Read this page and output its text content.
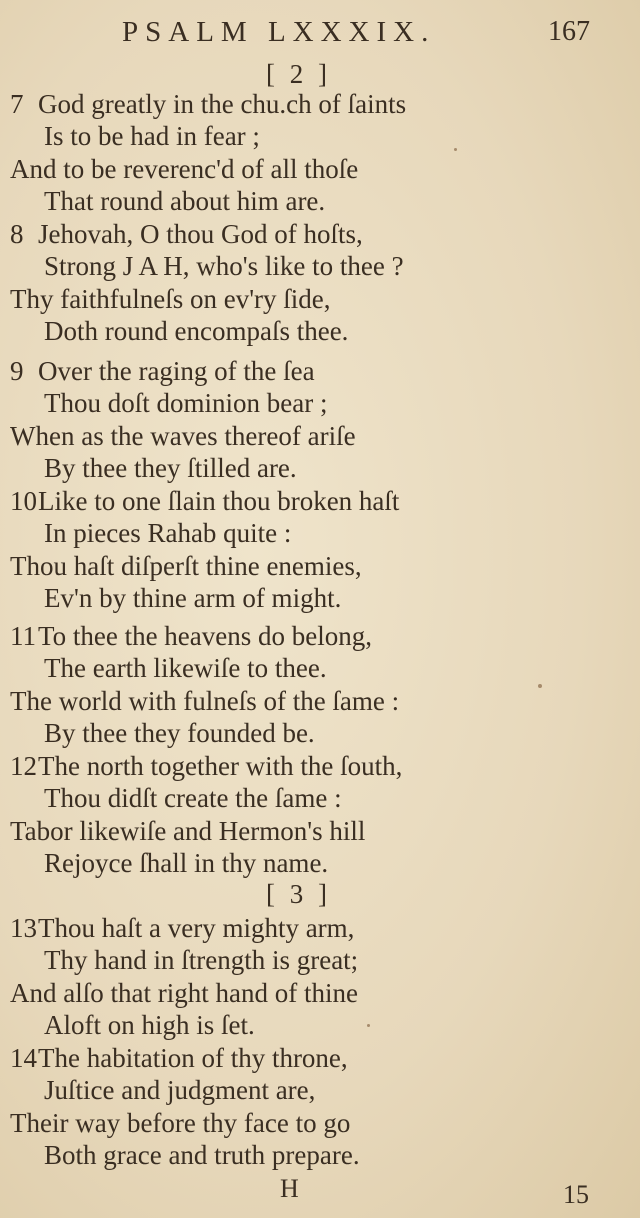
PSALM LXXXIX.	167
[ 2 ]
7 God greatly in the chu.ch of ſaints
Is to be had in fear ;
And to be reverenc'd of all thoſe
That round about him are.
8 Jehovah, O thou God of hoſts,
Strong J A H, who's like to thee ?
Thy faithfulneſs on ev'ry ſide,
Doth round encompaſs thee.
9 Over the raging of the ſea
Thou doſt dominion bear ;
When as the waves thereof ariſe
By thee they ſtilled are.
10Like to one ſlain thou broken haſt
In pieces Rahab quite :
Thou haſt diſperſt thine enemies,
Ev'n by thine arm of might.
11To thee the heavens do belong,
The earth likewiſe to thee.
The world with fulneſs of the ſame :
By thee they founded be.
12The north together with the ſouth,
Thou didſt create the ſame :
Tabor likewiſe and Hermon's hill
Rejoyce ſhall in thy name.
[ 3 ]
13Thou haſt a very mighty arm,
Thy hand in ſtrength is great;
And alſo that right hand of thine
Aloft on high is ſet.
14The habitation of thy throne,
Juſtice and judgment are,
Their way before thy face to go
Both grace and truth prepare.
H	15
